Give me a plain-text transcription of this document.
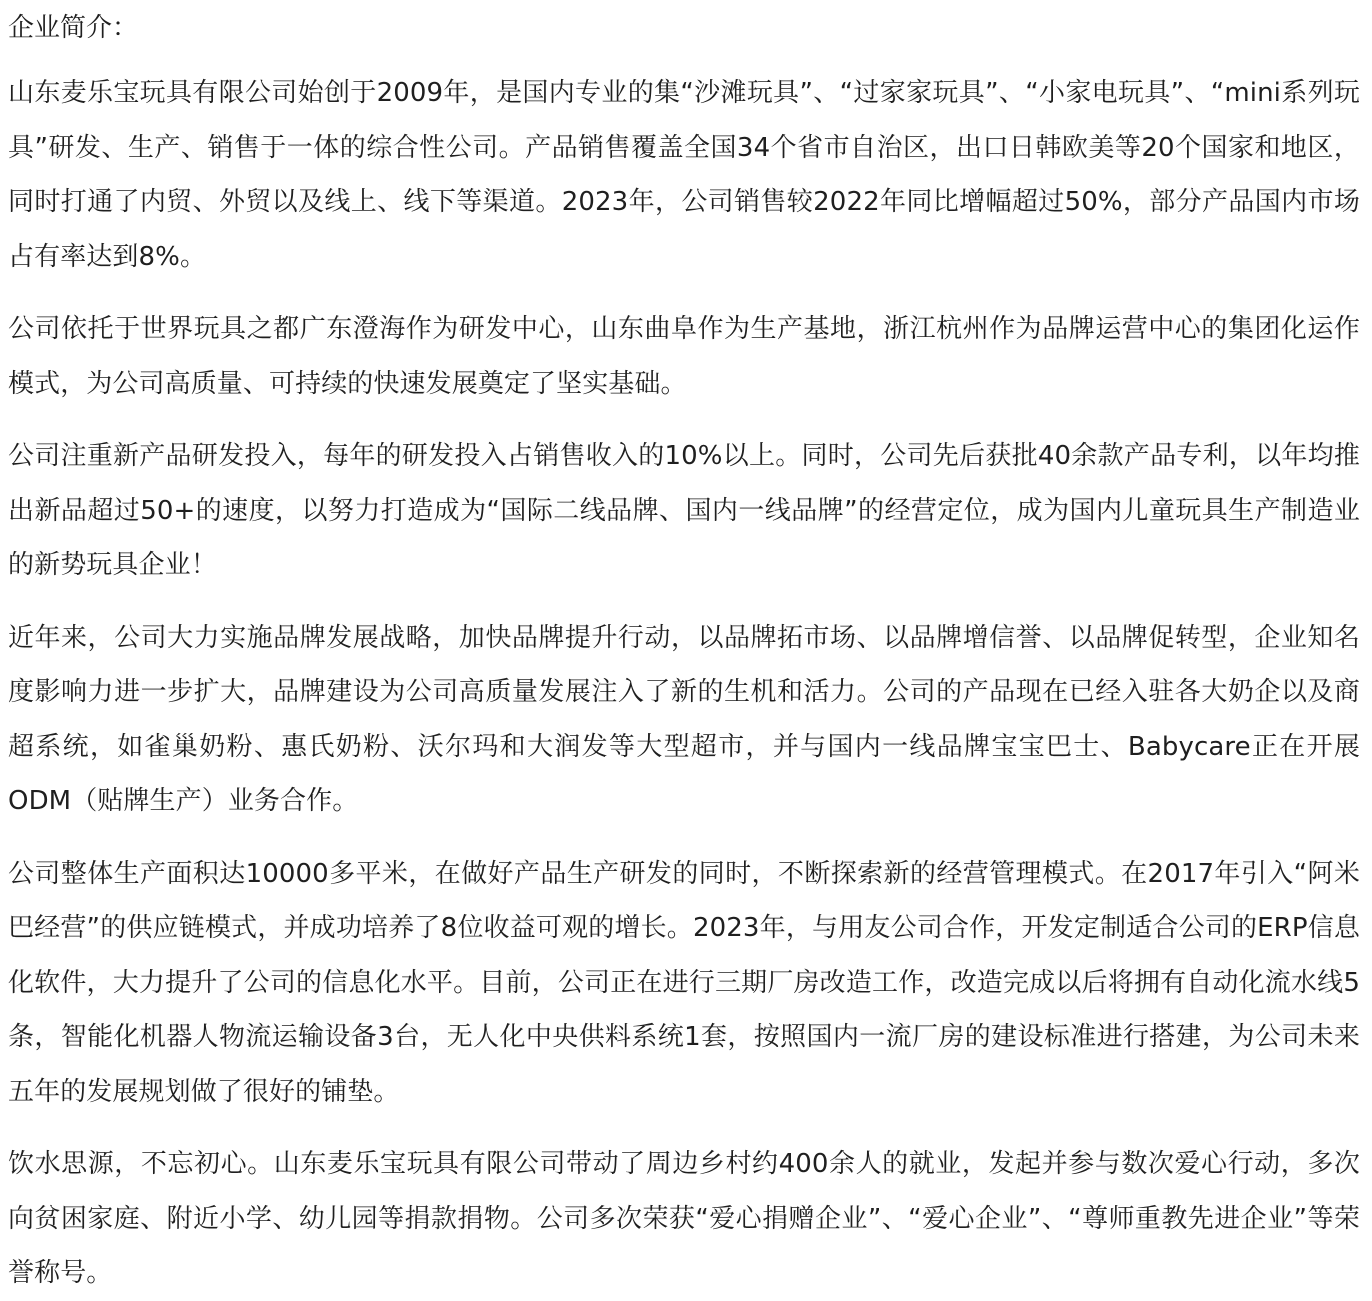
企业简介：

山东麦乐宝玩具有限公司始创于2009年，是国内专业的集“沙滩玩具”、“过家家玩具”、“小家电玩具”、“mini系列玩具”研发、生产、销售于一体的综合性公司。产品销售覆盖全国34个省市自治区，出口日韩欧美等20个国家和地区，同时打通了内贸、外贸以及线上、线下等渠道。2023年，公司销售较2022年同比增幅超过50%，部分产品国内市场占有率达到8%。

公司依托于世界玩具之都广东澄海作为研发中心，山东曲阜作为生产基地，浙江杭州作为品牌运营中心的集团化运作模式，为公司高质量、可持续的快速发展奠定了坚实基础。

公司注重新产品研发投入，每年的研发投入占销售收入的10%以上。同时，公司先后获批40余款产品专利，以年均推出新品超过50+的速度，以努力打造成为“国际二线品牌、国内一线品牌”的经营定位，成为国内儿童玩具生产制造业的新势玩具企业！

近年来，公司大力实施品牌发展战略，加快品牌提升行动，以品牌拓市场、以品牌增信誉、以品牌促转型，企业知名度影响力进一步扩大，品牌建设为公司高质量发展注入了新的生机和活力。公司的产品现在已经入驻各大奶企以及商超系统，如雀巢奶粉、惠氏奶粉、沃尔玛和大润发等大型超市，并与国内一线品牌宝宝巴士、Babycare正在开展ODM（贴牌生产）业务合作。

公司整体生产面积达10000多平米，在做好产品生产研发的同时，不断探索新的经营管理模式。在2017年引入“阿米巴经营”的供应链模式，并成功培养了8位收益可观的增长。2023年，与用友公司合作，开发定制适合公司的ERP信息化软件，大力提升了公司的信息化水平。目前，公司正在进行三期厂房改造工作，改造完成以后将拥有自动化流水线5条，智能化机器人物流运输设备3台，无人化中央供料系统1套，按照国内一流厂房的建设标准进行搭建，为公司未来五年的发展规划做了很好的铺垫。

饮水思源，不忘初心。山东麦乐宝玩具有限公司带动了周边乡村约400余人的就业，发起并参与数次爱心行动，多次向贫困家庭、附近小学、幼儿园等捐款捐物。公司多次荣获“爱心捐赠企业”、“爱心企业”、“尊师重教先进企业”等荣誉称号。
